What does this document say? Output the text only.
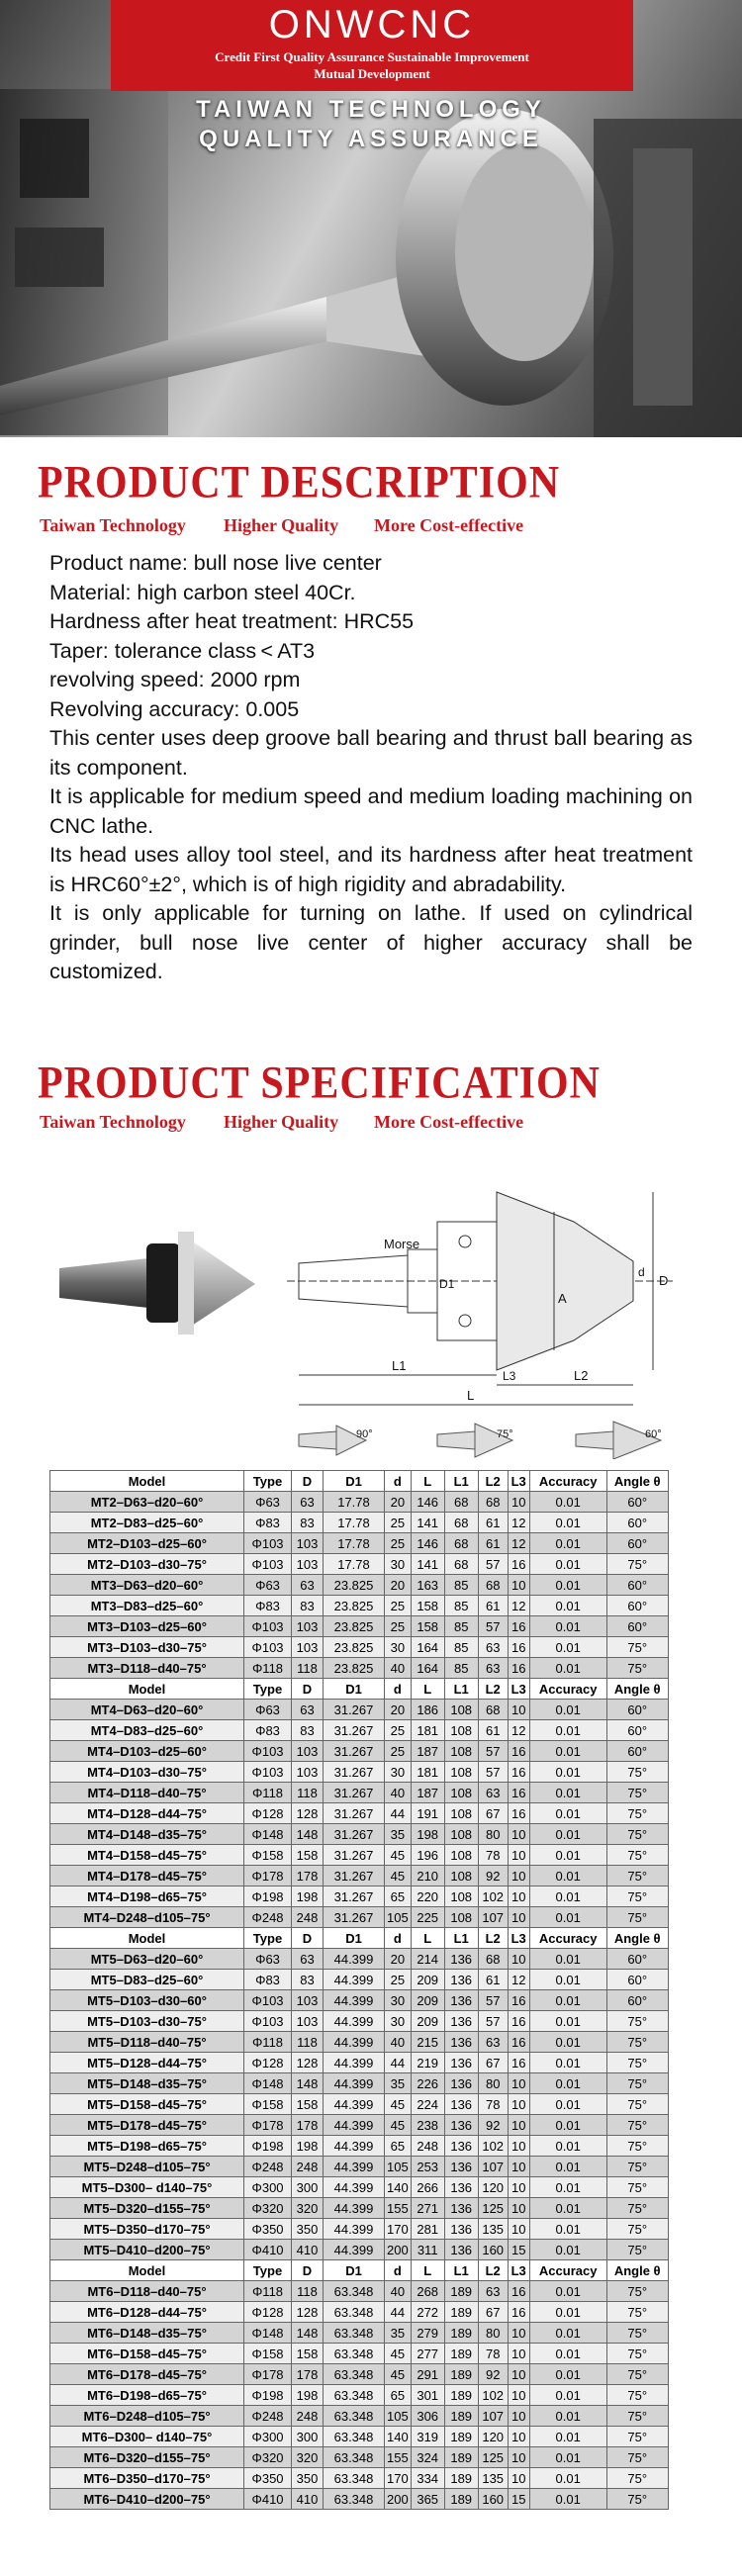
ONWCNC
Credit First Quality Assurance Sustainable Improvement
Mutual Development
TAIWAN TECHNOLOGY
QUALITY ASSURANCE
PRODUCT DESCRIPTION
Taiwan Technology Higher Quality More Cost-effective

Product name: bull nose live center

Material: high carbon steel 40Cr.

Hardness after heat treatment: HRC55

Taper: tolerance class < AT3

revolving speed: 2000 rpm

Revolving accuracy: 0.005

This center uses deep groove ball bearing and thrust ball bearing as its component.

It is applicable for medium speed and medium loading machining on CNC lathe.

Its head uses alloy tool steel, and its hardness after heat treatment is HRC60°±2°, which is of high rigidity and abradability.

It is only applicable for turning on lathe. If used on cylindrical grinder, bull nose live center of higher accuracy shall be customized.

PRODUCT SPECIFICATION
Taiwan Technology Higher Quality More Cost-effective
Morse
D1
A
d
D
L1
L3	L2
L
90°	75°	60°
Model	Type	D	D1	d	L	L1	L2	L3	Accuracy	Angle θ
MT2–D63–d20–60°	Φ63	63	17.78	20	146	68	68	10	0.01	60°
MT2–D83–d25–60°	Φ83	83	17.78	25	141	68	61	12	0.01	60°
MT2–D103–d25–60°	Φ103	103	17.78	25	146	68	61	12	0.01	60°
MT2–D103–d30–75°	Φ103	103	17.78	30	141	68	57	16	0.01	75°
MT3–D63–d20–60°	Φ63	63	23.825	20	163	85	68	10	0.01	60°
MT3–D83–d25–60°	Φ83	83	23.825	25	158	85	61	12	0.01	60°
MT3–D103–d25–60°	Φ103	103	23.825	25	158	85	57	16	0.01	60°
MT3–D103–d30–75°	Φ103	103	23.825	30	164	85	63	16	0.01	75°
MT3–D118–d40–75°	Φ118	118	23.825	40	164	85	63	16	0.01	75°
Model	Type	D	D1	d	L	L1	L2	L3	Accuracy	Angle θ
MT4–D63–d20–60°	Φ63	63	31.267	20	186	108	68	10	0.01	60°
MT4–D83–d25–60°	Φ83	83	31.267	25	181	108	61	12	0.01	60°
MT4–D103–d25–60°	Φ103	103	31.267	25	187	108	57	16	0.01	60°
MT4–D103–d30–75°	Φ103	103	31.267	30	181	108	57	16	0.01	75°
MT4–D118–d40–75°	Φ118	118	31.267	40	187	108	63	16	0.01	75°
MT4–D128–d44–75°	Φ128	128	31.267	44	191	108	67	16	0.01	75°
MT4–D148–d35–75°	Φ148	148	31.267	35	198	108	80	10	0.01	75°
MT4–D158–d45–75°	Φ158	158	31.267	45	196	108	78	10	0.01	75°
MT4–D178–d45–75°	Φ178	178	31.267	45	210	108	92	10	0.01	75°
MT4–D198–d65–75°	Φ198	198	31.267	65	220	108	102	10	0.01	75°
MT4–D248–d105–75°	Φ248	248	31.267	105	225	108	107	10	0.01	75°
Model	Type	D	D1	d	L	L1	L2	L3	Accuracy	Angle θ
MT5–D63–d20–60°	Φ63	63	44.399	20	214	136	68	10	0.01	60°
MT5–D83–d25–60°	Φ83	83	44.399	25	209	136	61	12	0.01	60°
MT5–D103–d30–60°	Φ103	103	44.399	30	209	136	57	16	0.01	60°
MT5–D103–d30–75°	Φ103	103	44.399	30	209	136	57	16	0.01	75°
MT5–D118–d40–75°	Φ118	118	44.399	40	215	136	63	16	0.01	75°
MT5–D128–d44–75°	Φ128	128	44.399	44	219	136	67	16	0.01	75°
MT5–D148–d35–75°	Φ148	148	44.399	35	226	136	80	10	0.01	75°
MT5–D158–d45–75°	Φ158	158	44.399	45	224	136	78	10	0.01	75°
MT5–D178–d45–75°	Φ178	178	44.399	45	238	136	92	10	0.01	75°
MT5–D198–d65–75°	Φ198	198	44.399	65	248	136	102	10	0.01	75°
MT5–D248–d105–75°	Φ248	248	44.399	105	253	136	107	10	0.01	75°
MT5–D300– d140–75°	Φ300	300	44.399	140	266	136	120	10	0.01	75°
MT5–D320–d155–75°	Φ320	320	44.399	155	271	136	125	10	0.01	75°
MT5–D350–d170–75°	Φ350	350	44.399	170	281	136	135	10	0.01	75°
MT5–D410–d200–75°	Φ410	410	44.399	200	311	136	160	15	0.01	75°
Model	Type	D	D1	d	L	L1	L2	L3	Accuracy	Angle θ
MT6–D118–d40–75°	Φ118	118	63.348	40	268	189	63	16	0.01	75°
MT6–D128–d44–75°	Φ128	128	63.348	44	272	189	67	16	0.01	75°
MT6–D148–d35–75°	Φ148	148	63.348	35	279	189	80	10	0.01	75°
MT6–D158–d45–75°	Φ158	158	63.348	45	277	189	78	10	0.01	75°
MT6–D178–d45–75°	Φ178	178	63.348	45	291	189	92	10	0.01	75°
MT6–D198–d65–75°	Φ198	198	63.348	65	301	189	102	10	0.01	75°
MT6–D248–d105–75°	Φ248	248	63.348	105	306	189	107	10	0.01	75°
MT6–D300– d140–75°	Φ300	300	63.348	140	319	189	120	10	0.01	75°
MT6–D320–d155–75°	Φ320	320	63.348	155	324	189	125	10	0.01	75°
MT6–D350–d170–75°	Φ350	350	63.348	170	334	189	135	10	0.01	75°
MT6–D410–d200–75°	Φ410	410	63.348	200	365	189	160	15	0.01	75°
